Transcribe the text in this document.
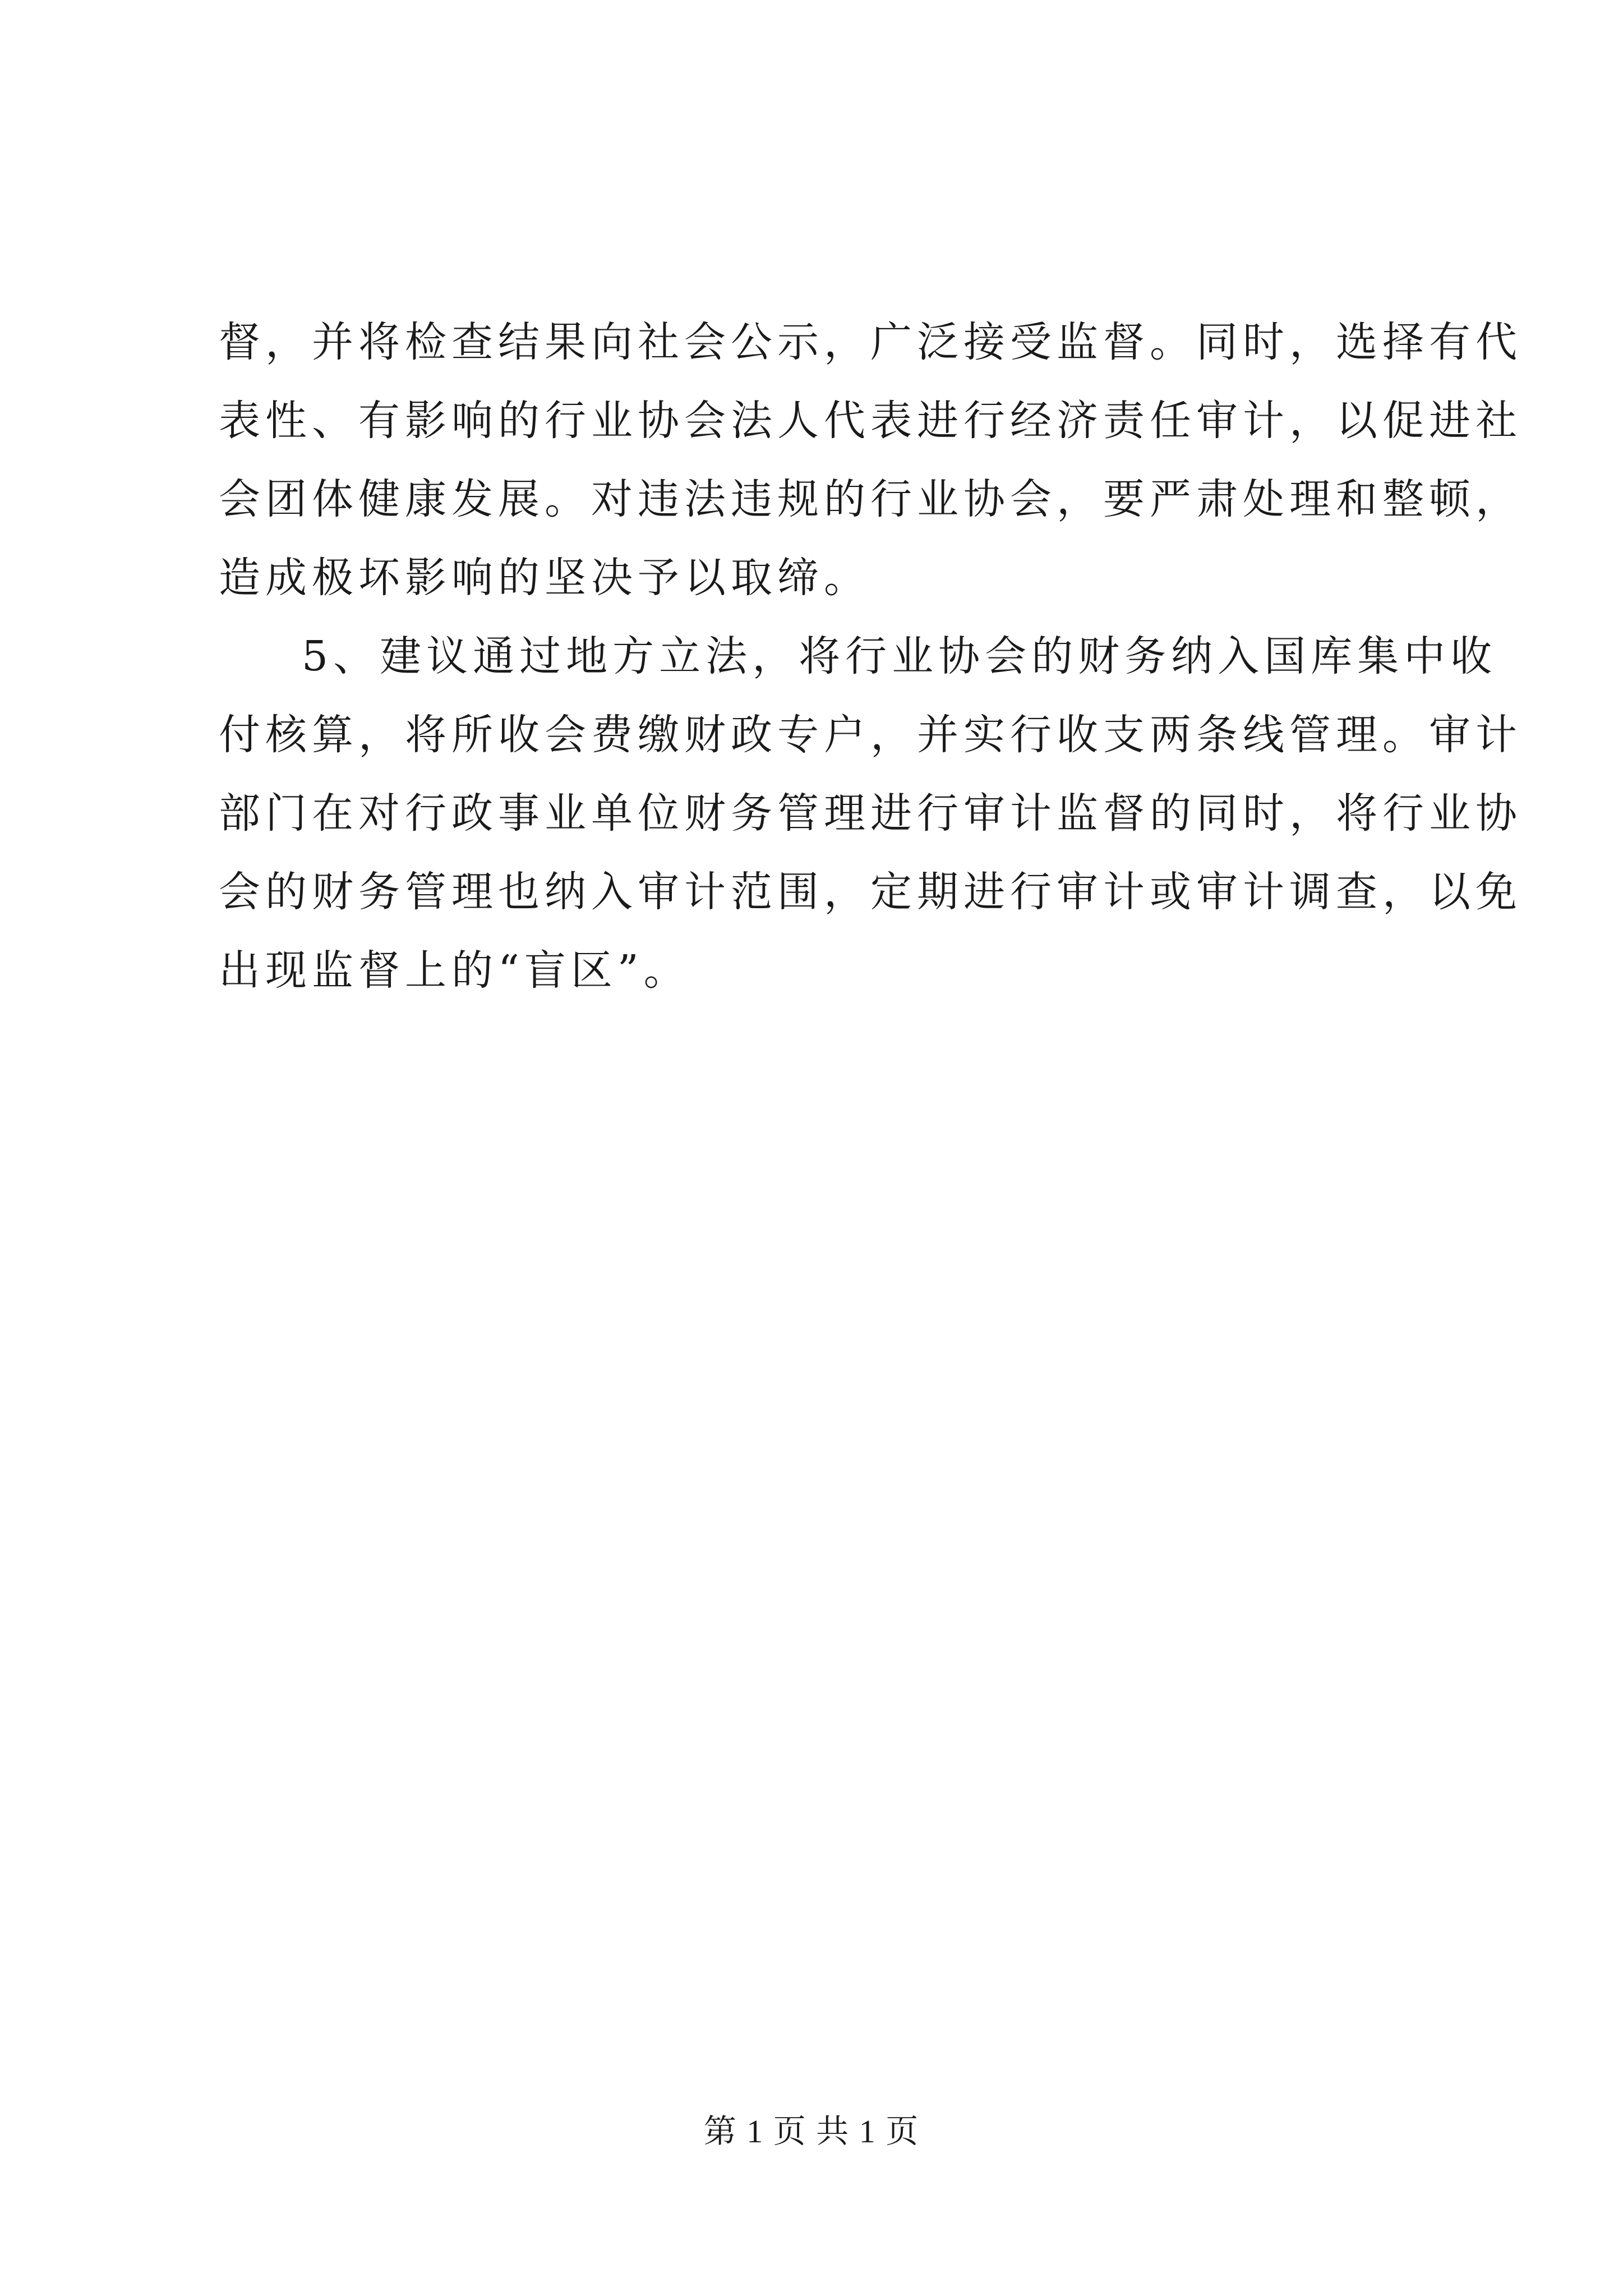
督，并将检查结果向社会公示，广泛接受监督。同时，选择有代
表性、有影响的行业协会法人代表进行经济责任审计，以促进社
会团体健康发展。对违法违规的行业协会，要严肃处理和整顿，
造成极坏影响的坚决予以取缔。
5、建议通过地方立法，将行业协会的财务纳入国库集中收
付核算，将所收会费缴财政专户，并实行收支两条线管理。审计
部门在对行政事业单位财务管理进行审计监督的同时，将行业协
会的财务管理也纳入审计范围，定期进行审计或审计调查，以免
出现监督上的“盲区”。
第 1 页 共 1 页
